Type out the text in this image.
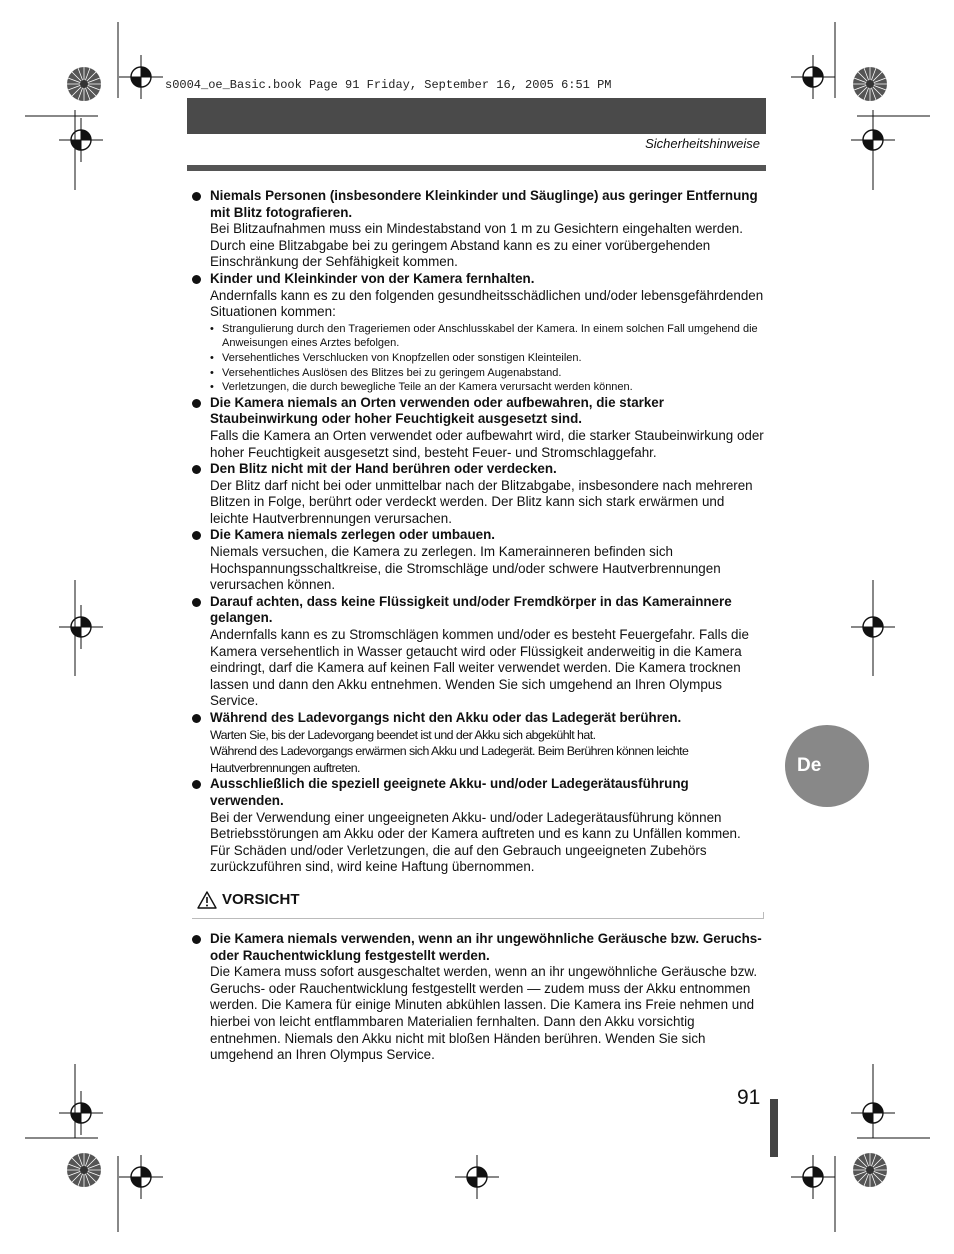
s0004_oe_Basic.book Page 91 Friday, September 16, 2005 6:51 PM
Sicherheitshinweise
Niemals Personen (insbesondere Kleinkinder und Säuglinge) aus geringer Entfernung mit Blitz fotografieren.
Bei Blitzaufnahmen muss ein Mindestabstand von 1 m zu Gesichtern eingehalten werden. Durch eine Blitzabgabe bei zu geringem Abstand kann es zu einer vorübergehenden Einschränkung der Sehfähigkeit kommen.
Kinder und Kleinkinder von der Kamera fernhalten.
Andernfalls kann es zu den folgenden gesundheitsschädlichen und/oder lebensgefährdenden Situationen kommen:
• Strangulierung durch den Trageriemen oder Anschlusskabel der Kamera. In einem solchen Fall umgehend die Anweisungen eines Arztes befolgen.
• Versehentliches Verschlucken von Knopfzellen oder sonstigen Kleinteilen.
• Versehentliches Auslösen des Blitzes bei zu geringem Augenabstand.
• Verletzungen, die durch bewegliche Teile an der Kamera verursacht werden können.
Die Kamera niemals an Orten verwenden oder aufbewahren, die starker Staubeinwirkung oder hoher Feuchtigkeit ausgesetzt sind.
Falls die Kamera an Orten verwendet oder aufbewahrt wird, die starker Staubeinwirkung oder hoher Feuchtigkeit ausgesetzt sind, besteht Feuer- und Stromschlaggefahr.
Den Blitz nicht mit der Hand berühren oder verdecken.
Der Blitz darf nicht bei oder unmittelbar nach der Blitzabgabe, insbesondere nach mehreren Blitzen in Folge, berührt oder verdeckt werden. Der Blitz kann sich stark erwärmen und leichte Hautverbrennungen verursachen.
Die Kamera niemals zerlegen oder umbauen.
Niemals versuchen, die Kamera zu zerlegen. Im Kamerainneren befinden sich Hochspannungsschaltkreise, die Stromschläge und/oder schwere Hautverbrennungen verursachen können.
Darauf achten, dass keine Flüssigkeit und/oder Fremdkörper in das Kamerainnere gelangen.
Andernfalls kann es zu Stromschlägen kommen und/oder es besteht Feuergefahr. Falls die Kamera versehentlich in Wasser getaucht wird oder Flüssigkeit anderweitig in die Kamera eindringt, darf die Kamera auf keinen Fall weiter verwendet werden. Die Kamera trocknen lassen und dann den Akku entnehmen. Wenden Sie sich umgehend an Ihren Olympus Service.
Während des Ladevorgangs nicht den Akku oder das Ladegerät berühren.
Warten Sie, bis der Ladevorgang beendet ist und der Akku sich abgekühlt hat.
Während des Ladevorgangs erwärmen sich Akku und Ladegerät. Beim Berühren können leichte Hautverbrennungen auftreten.
Ausschließlich die speziell geeignete Akku- und/oder Ladegerätausführung verwenden.
Bei der Verwendung einer ungeeigneten Akku- und/oder Ladegerätausführung können Betriebsstörungen am Akku oder der Kamera auftreten und es kann zu Unfällen kommen. Für Schäden und/oder Verletzungen, die auf den Gebrauch ungeeigneten Zubehörs zurückzuführen sind, wird keine Haftung übernommen.
VORSICHT
Die Kamera niemals verwenden, wenn an ihr ungewöhnliche Geräusche bzw. Geruchs- oder Rauchentwicklung festgestellt werden.
Die Kamera muss sofort ausgeschaltet werden, wenn an ihr ungewöhnliche Geräusche bzw. Geruchs- oder Rauchentwicklung festgestellt werden — zudem muss der Akku entnommen werden. Die Kamera für einige Minuten abkühlen lassen. Die Kamera ins Freie nehmen und hierbei von leicht entflammbaren Materialien fernhalten. Dann den Akku vorsichtig entnehmen. Niemals den Akku nicht mit bloßen Händen berühren. Wenden Sie sich umgehend an Ihren Olympus Service.
De
91
